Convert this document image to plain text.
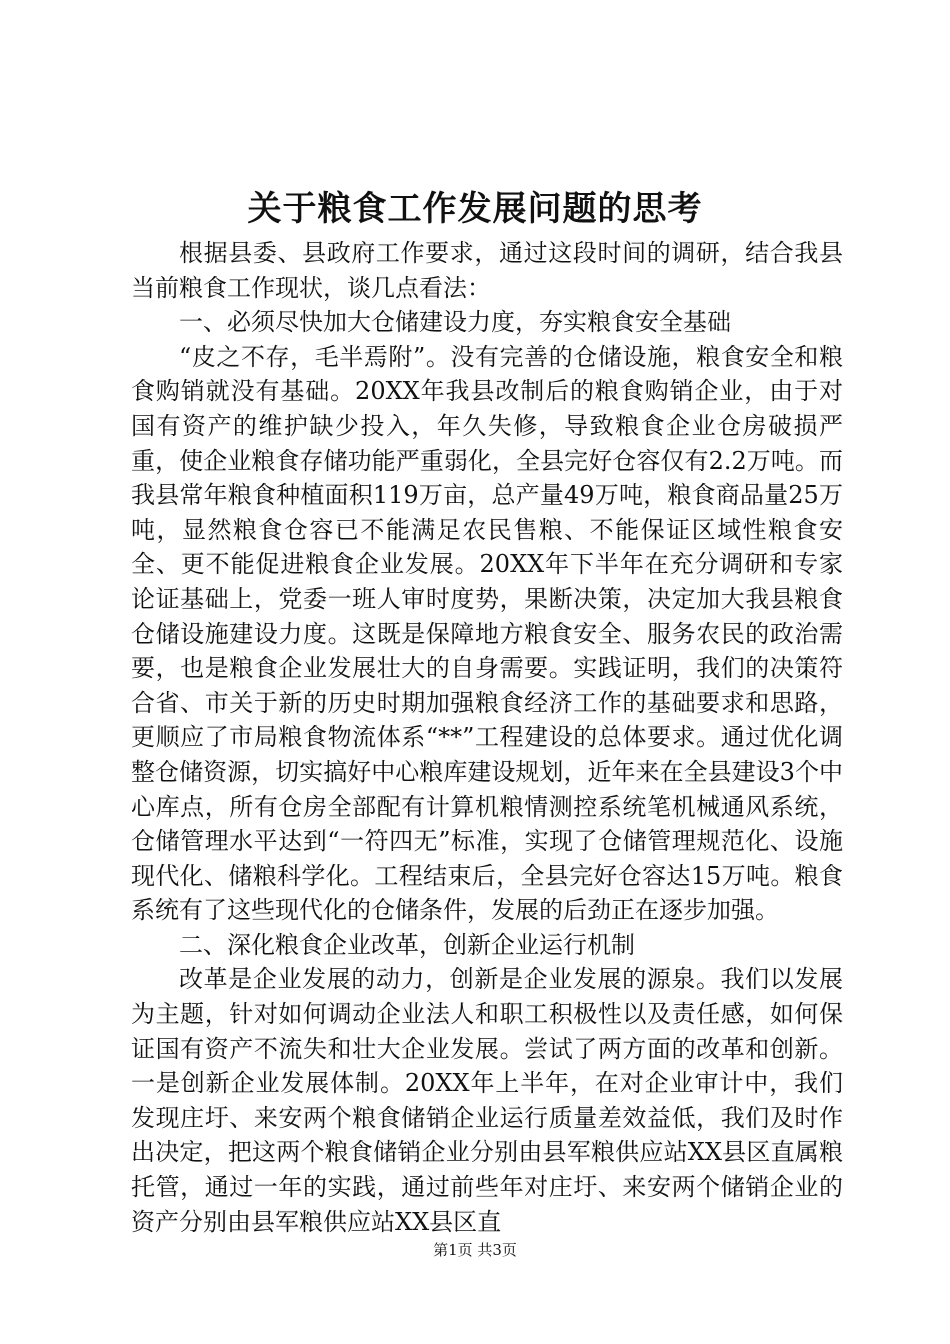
关于粮食工作发展问题的思考

根据县委、县政府工作要求，通过这段时间的调研，结合我县当前粮食工作现状，谈几点看法：

一、必须尽快加大仓储建设力度，夯实粮食安全基础

“皮之不存，毛半焉附”。没有完善的仓储设施，粮食安全和粮食购销就没有基础。20XX年我县改制后的粮食购销企业，由于对国有资产的维护缺少投入，年久失修，导致粮食企业仓房破损严重，使企业粮食存储功能严重弱化，全县完好仓容仅有2.2万吨。而我县常年粮食种植面积119万亩，总产量49万吨，粮食商品量25万吨，显然粮食仓容已不能满足农民售粮、不能保证区域性粮食安全、更不能促进粮食企业发展。20XX年下半年在充分调研和专家论证基础上，党委一班人审时度势，果断决策，决定加大我县粮食仓储设施建设力度。这既是保障地方粮食安全、服务农民的政治需要，也是粮食企业发展壮大的自身需要。实践证明，我们的决策符合省、市关于新的历史时期加强粮食经济工作的基础要求和思路，更顺应了市局粮食物流体系“**”工程建设的总体要求。通过优化调整仓储资源，切实搞好中心粮库建设规划，近年来在全县建设3个中心库点，所有仓房全部配有计算机粮情测控系统笔机械通风系统，仓储管理水平达到“一符四无”标准，实现了仓储管理规范化、设施现代化、储粮科学化。工程结束后，全县完好仓容达15万吨。粮食系统有了这些现代化的仓储条件，发展的后劲正在逐步加强。

二、深化粮食企业改革，创新企业运行机制

改革是企业发展的动力，创新是企业发展的源泉。我们以发展为主题，针对如何调动企业法人和职工积极性以及责任感，如何保证国有资产不流失和壮大企业发展。尝试了两方面的改革和创新。一是创新企业发展体制。20XX年上半年，在对企业审计中，我们发现庄圩、来安两个粮食储销企业运行质量差效益低，我们及时作出决定，把这两个粮食储销企业分别由县军粮供应站XX县区直属粮托管，通过一年的实践，通过前些年对庄圩、来安两个储销企业的资产分别由县军粮供应站XX县区直

第1页 共3页
